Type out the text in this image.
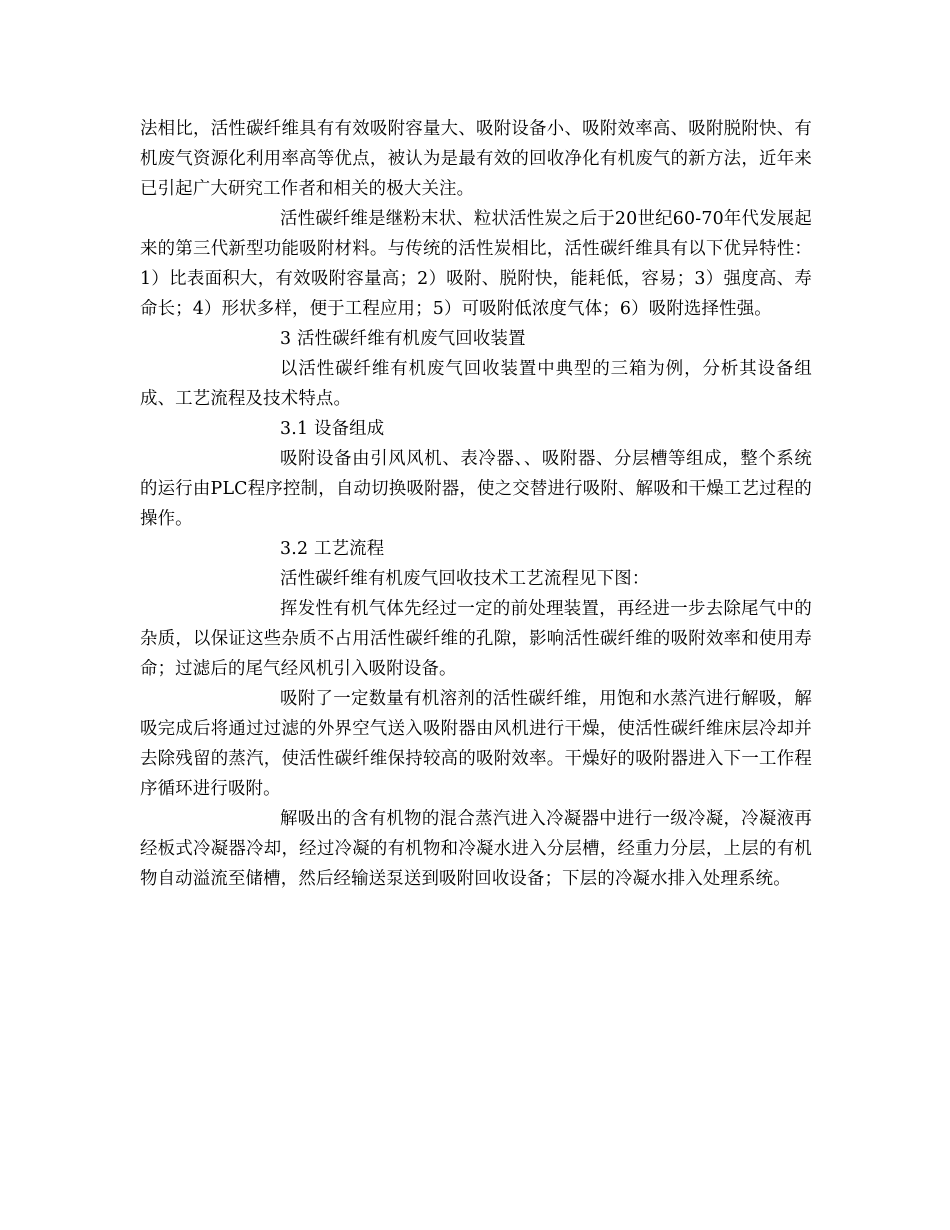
法相比，活性碳纤维具有有效吸附容量大、吸附设备小、吸附效率高、吸附脱附快、有机废气资源化利用率高等优点，被认为是最有效的回收净化有机废气的新方法，近年来已引起广大研究工作者和相关的极大关注。

活性碳纤维是继粉末状、粒状活性炭之后于20世纪60-70年代发展起来的第三代新型功能吸附材料。与传统的活性炭相比，活性碳纤维具有以下优异特性：1）比表面积大，有效吸附容量高；2）吸附、脱附快，能耗低，容易；3）强度高、寿命长；4）形状多样，便于工程应用；5）可吸附低浓度气体；6）吸附选择性强。

3 活性碳纤维有机废气回收装置

以活性碳纤维有机废气回收装置中典型的三箱为例，分析其设备组成、工艺流程及技术特点。

3.1 设备组成

吸附设备由引风风机、表冷器、、吸附器、分层槽等组成，整个系统的运行由PLC程序控制，自动切换吸附器，使之交替进行吸附、解吸和干燥工艺过程的操作。

3.2 工艺流程

活性碳纤维有机废气回收技术工艺流程见下图：

挥发性有机气体先经过一定的前处理装置，再经进一步去除尾气中的杂质，以保证这些杂质不占用活性碳纤维的孔隙，影响活性碳纤维的吸附效率和使用寿命；过滤后的尾气经风机引入吸附设备。

吸附了一定数量有机溶剂的活性碳纤维，用饱和水蒸汽进行解吸，解吸完成后将通过过滤的外界空气送入吸附器由风机进行干燥，使活性碳纤维床层冷却并去除残留的蒸汽，使活性碳纤维保持较高的吸附效率。干燥好的吸附器进入下一工作程序循环进行吸附。

解吸出的含有机物的混合蒸汽进入冷凝器中进行一级冷凝，冷凝液再经板式冷凝器冷却，经过冷凝的有机物和冷凝水进入分层槽，经重力分层，上层的有机物自动溢流至储槽，然后经输送泵送到吸附回收设备；下层的冷凝水排入处理系统。
